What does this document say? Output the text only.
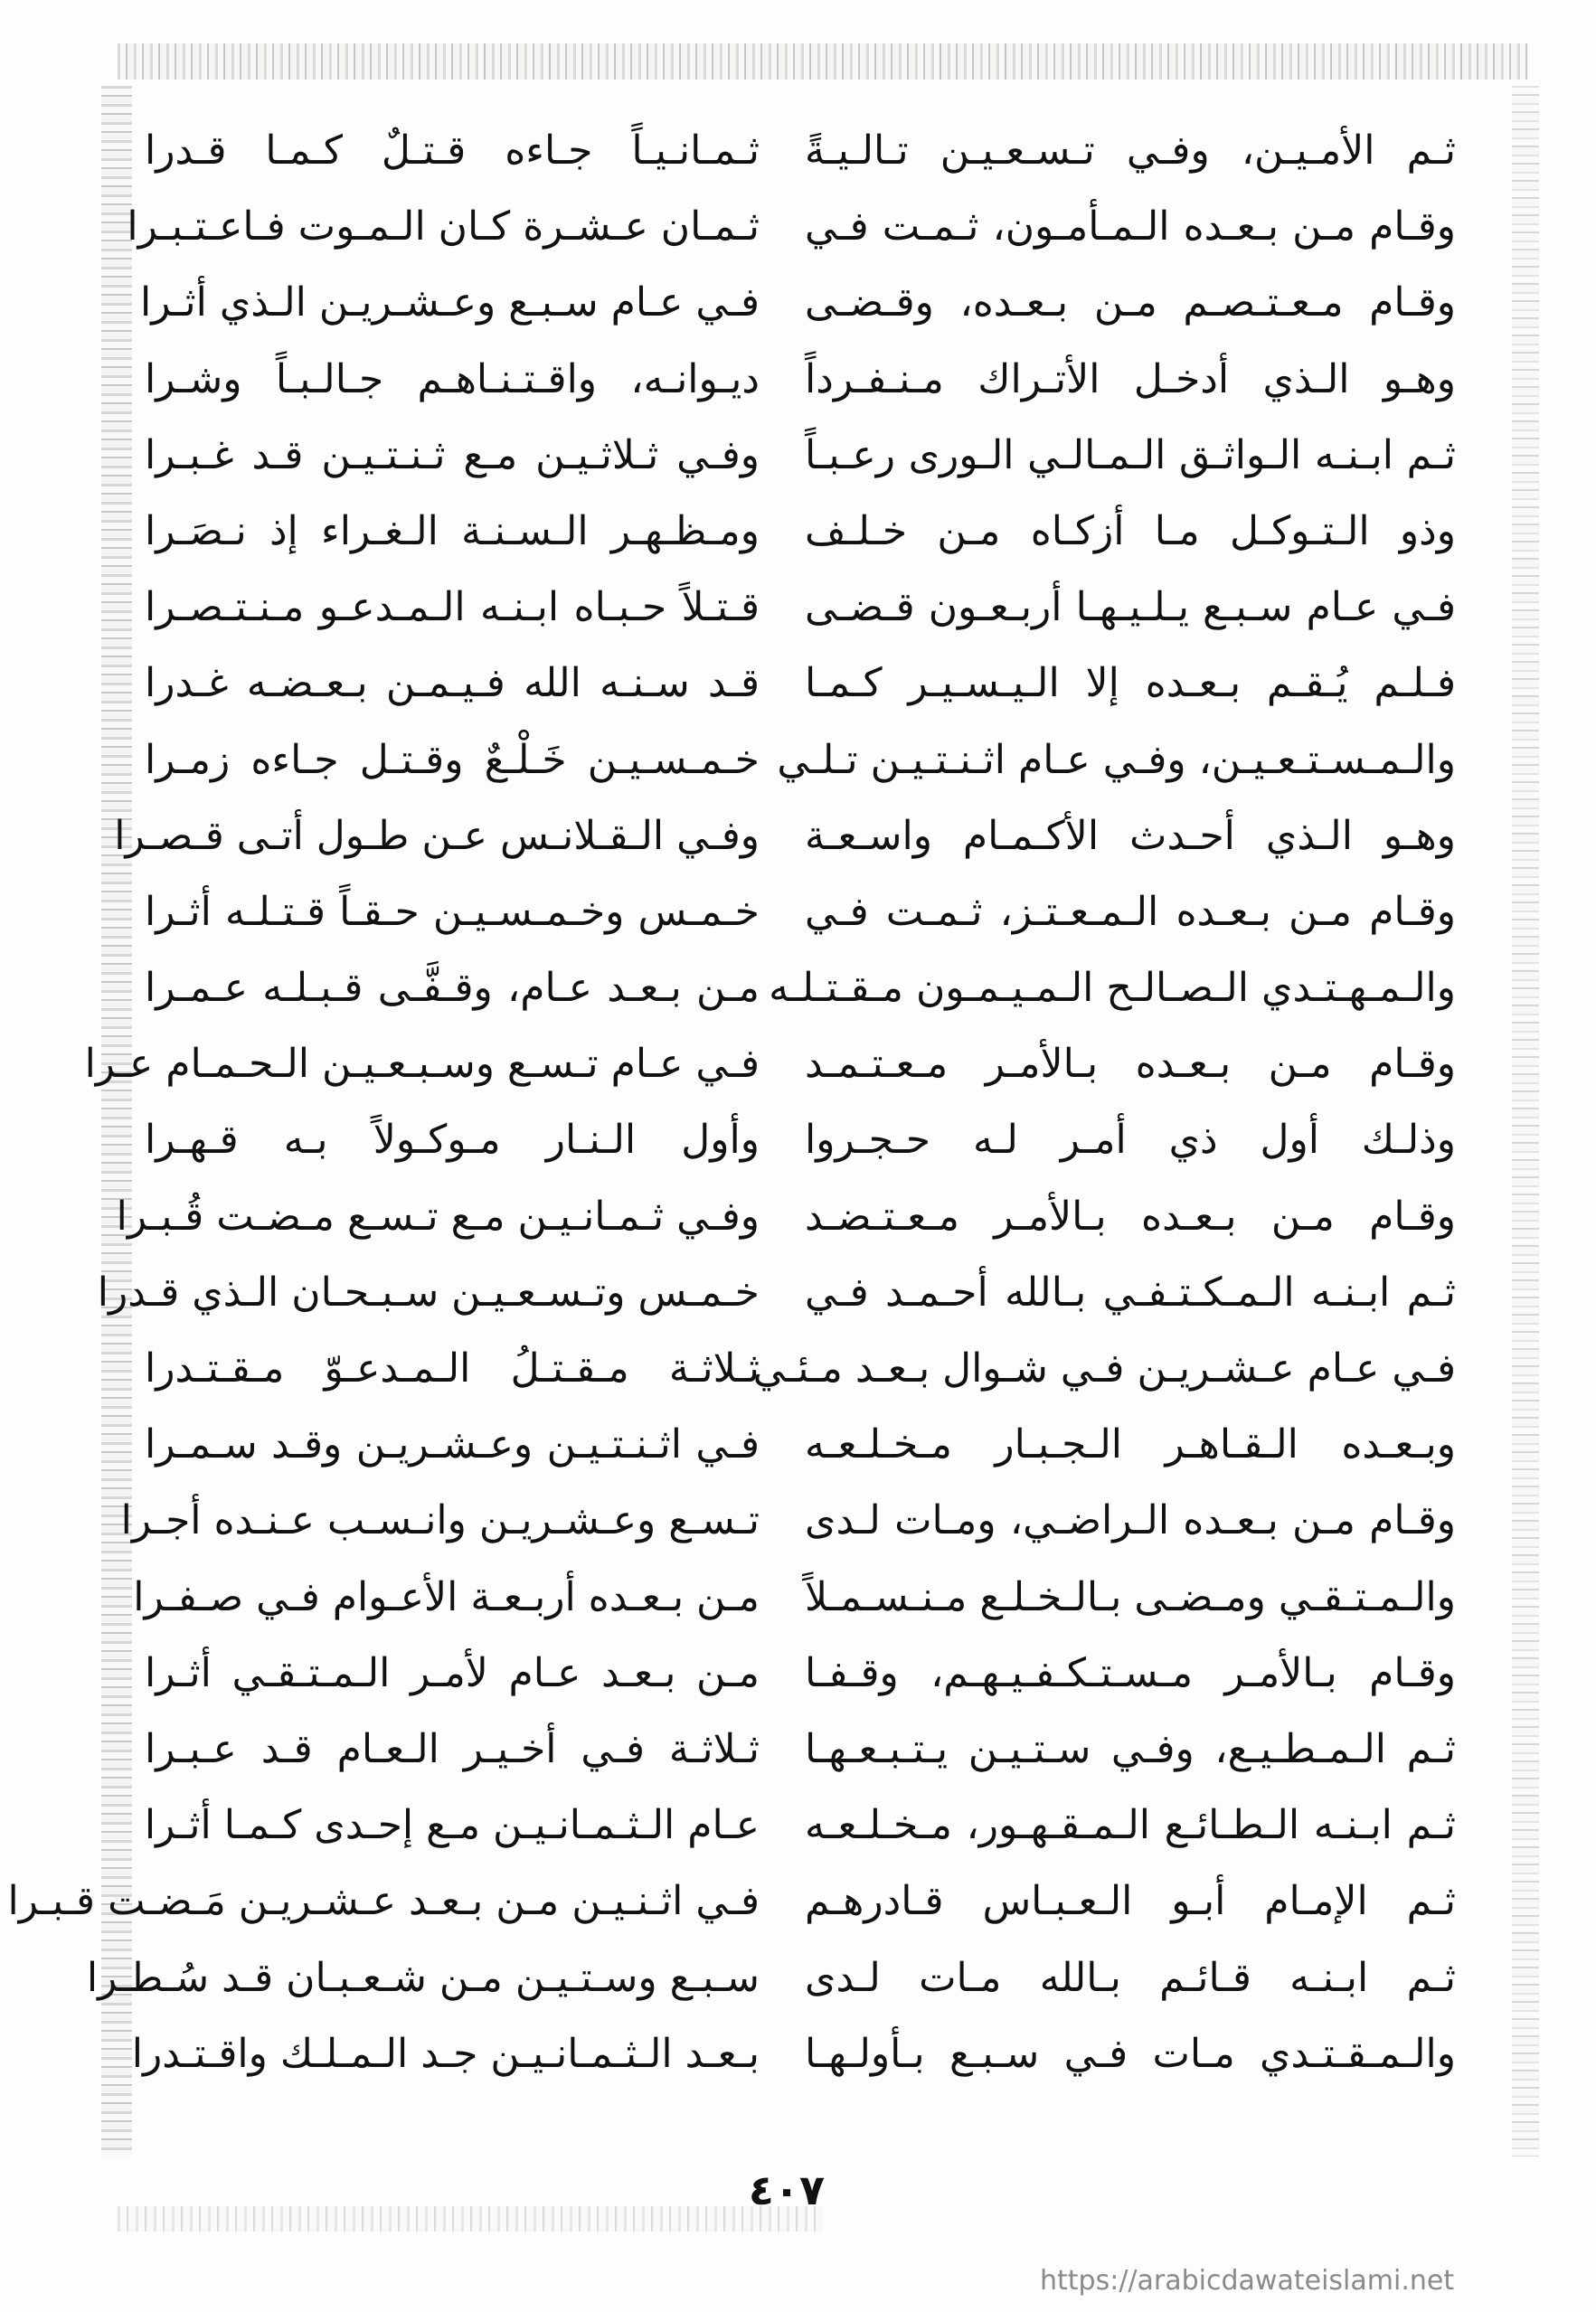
ثـم الأمـيـن، وفـي تـسـعـيـن تـالـيـةً
وقـام مـن بـعـده الـمـأمـون، ثـمـت فـي
وقـام مـعـتـصـم مـن بـعـده، وقـضـى
وهـو الـذي أدخـل الأتـراك مـنـفـرداً
ثـم ابـنـه الـواثـق الـمـالـي الـورى رعـبـاً
وذو الـتـوكـل مـا أزكـاه مـن خـلـف
فـي عـام سـبـع يـلـيـهـا أربـعـون قـضـى
فـلـم يُـقـم بـعـده إلا الـيـسـيـر كـمـا
والـمـسـتـعـيـن، وفـي عـام اثـنـتـيـن تـلـي
وهـو الـذي أحـدث الأكـمـام واسـعـة
وقـام مـن بـعـده الـمـعـتـز، ثـمـت فـي
والـمـهـتـدي الـصـالـح الـمـيـمـون مـقـتـلـه
وقـام مـن بـعـده بـالأمـر مـعـتـمـد
وذلـك أول ذي أمـر لـه حـجـروا
وقـام مـن بـعـده بـالأمـر مـعـتـضـد
ثـم ابـنـه الـمـكـتـفـي بـالله أحـمـد فـي
فـي عـام عـشـريـن فـي شـوال بـعـد مـئـي
وبـعـده الـقـاهـر الـجـبـار مـخـلـعـه
وقـام مـن بـعـده الـراضـي، ومـات لـدى
والـمـتـقـي ومـضـى بـالـخـلـع مـنـسـمـلاً
وقـام بـالأمـر مـسـتـكـفـيـهـم، وقـفـا
ثـم الـمـطـيـع، وفـي سـتـيـن يـتـبـعـهـا
ثـم ابـنـه الـطـائـع الـمـقـهـور، مـخـلـعـه
ثـم الإمـام أبـو الـعـبـاس قـادرهـم
ثـم ابـنـه قـائـم بـالله مـات لـدى
والـمـقـتـدي مـات فـي سـبـع بـأولـهـا
ثـمـانـيـاً جـاءه قـتـلٌ كـمـا قـدرا
ثـمـان عـشـرة كـان الـمـوت فـاعـتـبـرا
فـي عـام سـبـع وعـشـريـن الـذي أثـرا
ديـوانـه، واقـتـنـاهـم جـالـبـاً وشـرا
وفـي ثـلاثـيـن مـع ثـنـتـيـن قـد غـبـرا
ومـظـهـر الـسـنـة الـغـراء إذ نـصَـرا
قـتـلاً حـبـاه ابـنـه الـمـدعـو مـنـتـصـرا
قـد سـنـه الله فـيـمـن بـعـضـه غـدرا
خـمـسـيـن خَـلْـعٌ وقـتـل جـاءه زمـرا
وفـي الـقـلانـس عـن طـول أتـى قـصـرا
خـمـس وخـمـسـيـن حـقـاً قـتـلـه أثـرا
مـن بـعـد عـام، وقـفَّـى قـبـلـه عـمـرا
فـي عـام تـسـع وسـبـعـيـن الـحـمـام عـرا
وأول الـنـار مـوكـولاً بـه قـهـرا
وفـي ثـمـانـيـن مـع تـسـع مـضـت قُـبـرا
خـمـس وتـسـعـيـن سـبـحـان الـذي قـدرا
ثـلاثـة مـقـتـلُ الـمـدعـوّ مـقـتـدرا
فـي اثـنـتـيـن وعـشـريـن وقـد سـمـرا
تـسـع وعـشـريـن وانـسـب عـنـده أجـرا
مـن بـعـده أربـعـة الأعـوام فـي صـفـرا
مـن بـعـد عـام لأمـر الـمـتـقـي أثـرا
ثـلاثـة فـي أخـيـر الـعـام قـد عـبـرا
عـام الـثـمـانـيـن مـع إحـدى كـمـا أثـرا
فـي اثـنـيـن مـن بـعـد عـشـريـن مَـضـت قـبـرا
سـبـع وسـتـيـن مـن شـعـبـان قـد سُـطـرا
بـعـد الـثـمـانـيـن جـد الـمـلـك واقـتـدرا
٤٠٧
https://arabicdawateislami.net
